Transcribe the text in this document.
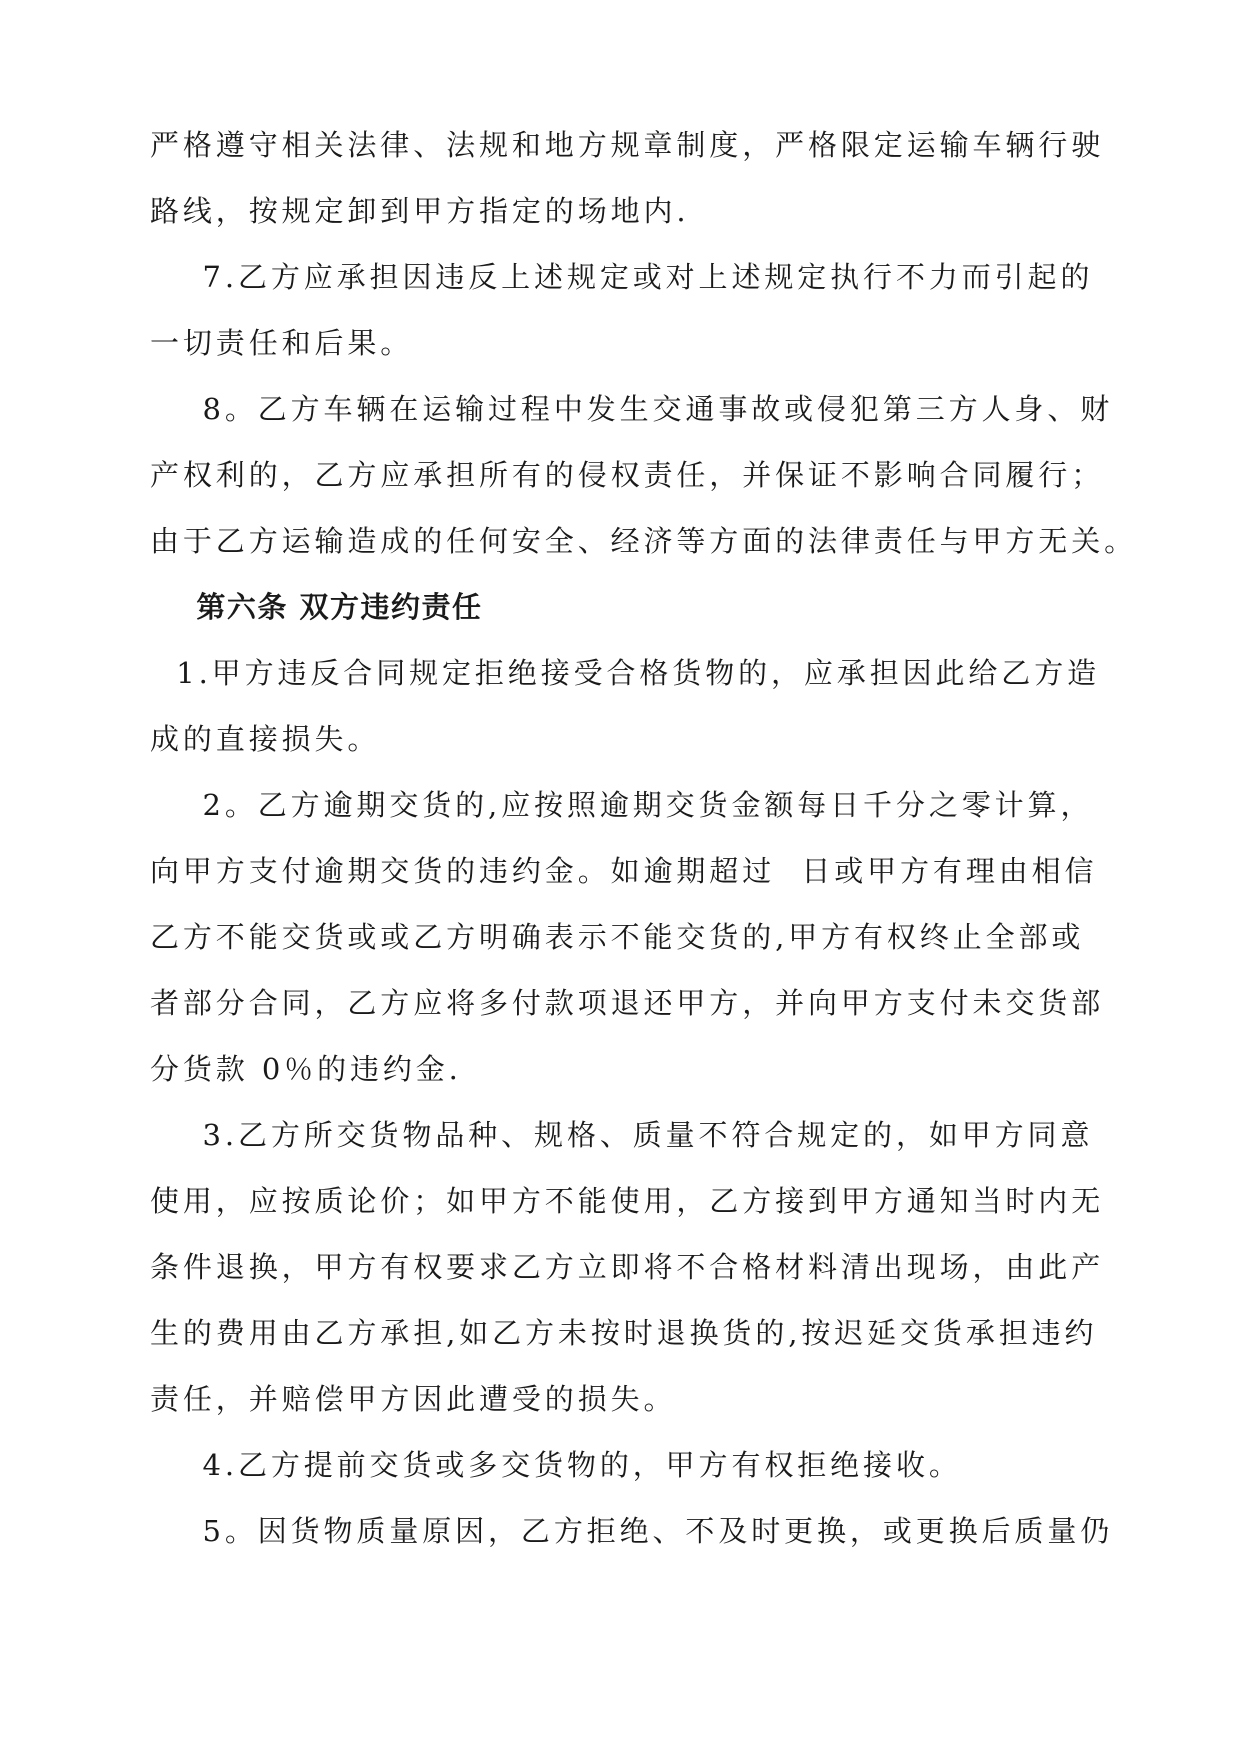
严格遵守相关法律、法规和地方规章制度，严格限定运输车辆行驶
路线，按规定卸到甲方指定的场地内.
7.乙方应承担因违反上述规定或对上述规定执行不力而引起的
一切责任和后果。
8。乙方车辆在运输过程中发生交通事故或侵犯第三方人身、财
产权利的，乙方应承担所有的侵权责任，并保证不影响合同履行；
由于乙方运输造成的任何安全、经济等方面的法律责任与甲方无关。
第六条 双方违约责任
1.甲方违反合同规定拒绝接受合格货物的，应承担因此给乙方造
成的直接损失。
2。乙方逾期交货的,应按照逾期交货金额每日千分之零计算，
向甲方支付逾期交货的违约金。如逾期超过  日或甲方有理由相信
乙方不能交货或或乙方明确表示不能交货的,甲方有权终止全部或
者部分合同，乙方应将多付款项退还甲方，并向甲方支付未交货部
分货款 0％的违约金.
3.乙方所交货物品种、规格、质量不符合规定的，如甲方同意
使用，应按质论价；如甲方不能使用，乙方接到甲方通知当时内无
条件退换，甲方有权要求乙方立即将不合格材料清出现场，由此产
生的费用由乙方承担,如乙方未按时退换货的,按迟延交货承担违约
责任，并赔偿甲方因此遭受的损失。
4.乙方提前交货或多交货物的，甲方有权拒绝接收。
5。因货物质量原因，乙方拒绝、不及时更换，或更换后质量仍
